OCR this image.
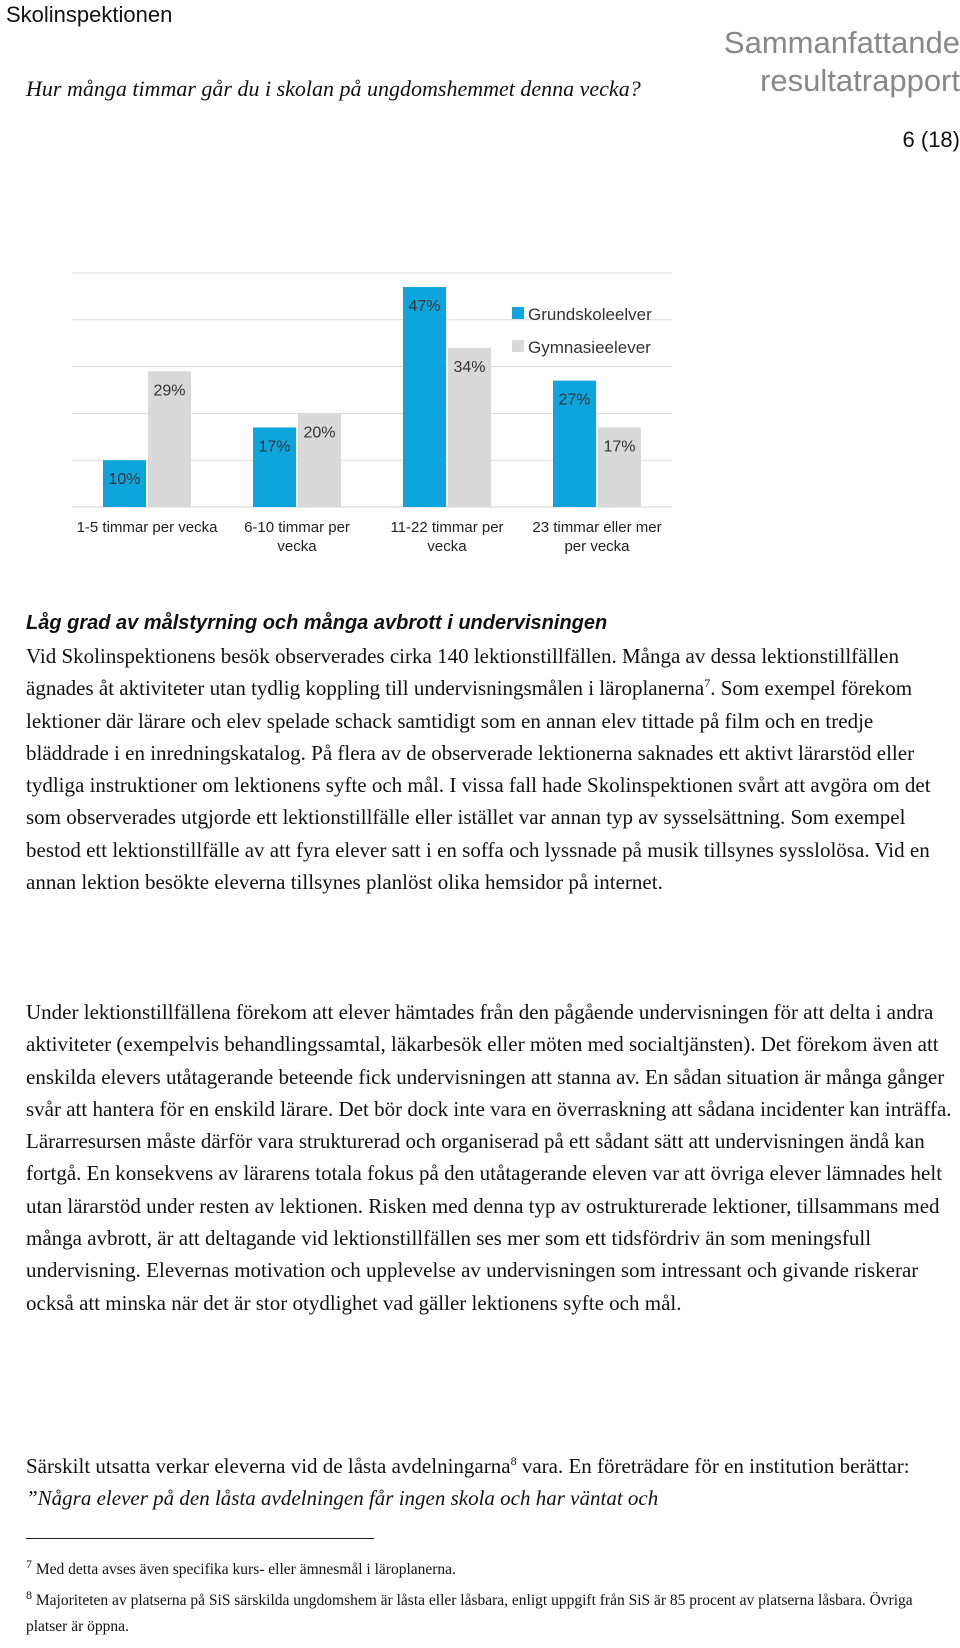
Skolinspektionen
Sammanfattande
resultatrapport
6 (18)
Hur många timmar går du i skolan på ungdomshemmet denna vecka?
10%
29%
17%
20%
47%
34%
27%
17%
1-5 timmar per vecka 6-10 timmar per vecka
11-22 timmar per vecka
23 timmar eller mer per vecka
Grundskoleelver
Gymnasieelever
Låg grad av målstyrning och många avbrott i undervisningen

Vid Skolinspektionens besök observerades cirka 140 lektionstillfällen. Många av dessa lektionstillfällen ägnades åt aktiviteter utan tydlig koppling till undervisningsmålen i läroplanerna$^7$. Som exempel förekom lektioner där lärare och elev spelade schack samtidigt som en annan elev tittade på film och en tredje bläddrade i en inredningskatalog. På flera av de observerade lektionerna saknades ett aktivt lärarstöd eller tydliga instruktioner om lektionens syfte och mål. I vissa fall hade Skolinspektionen svårt att avgöra om det som observerades utgjorde ett lektionstillfälle eller istället var annan typ av sysselsättning. Som exempel bestod ett lektionstillfälle av att fyra elever satt i en soffa och lyssnade på musik tillsynes sysslolösa. Vid en annan lektion besökte eleverna tillsynes planlöst olika hemsidor på internet.

Under lektionstillfällena förekom att elever hämtades från den pågående undervisningen för att delta i andra aktiviteter (exempelvis behandlingssamtal, läkarbesök eller möten med socialtjänsten). Det förekom även att enskilda elevers utåtagerande beteende fick undervisningen att stanna av. En sådan situation är många gånger svår att hantera för en enskild lärare. Det bör dock inte vara en överraskning att sådana incidenter kan inträffa. Lärarresursen måste därför vara strukturerad och organiserad på ett sådant sätt att undervisningen ändå kan fortgå. En konsekvens av lärarens totala fokus på den utåtagerande eleven var att övriga elever lämnades helt utan lärarstöd under resten av lektionen. Risken med denna typ av ostrukturerade lektioner, tillsammans med många avbrott, är att deltagande vid lektionstillfällen ses mer som ett tidsfördriv än som meningsfull undervisning. Elevernas motivation och upplevelse av undervisningen som intressant och givande riskerar också att minska när det är stor otydlighet vad gäller lektionens syfte och mål.

Särskilt utsatta verkar eleverna vid de låsta avdelningarna$^8$ vara. En företrädare för en institution berättar: ”Några elever på den låsta avdelningen får ingen skola och har väntat och

$^7$ Med detta avses även specifika kurs- eller ämnesmål i läroplanerna.
$^8$ Majoriteten av platserna på SiS särskilda ungdomshem är låsta eller låsbara, enligt uppgift från SiS är 85 procent av platserna låsbara. Övriga platser är öppna.
